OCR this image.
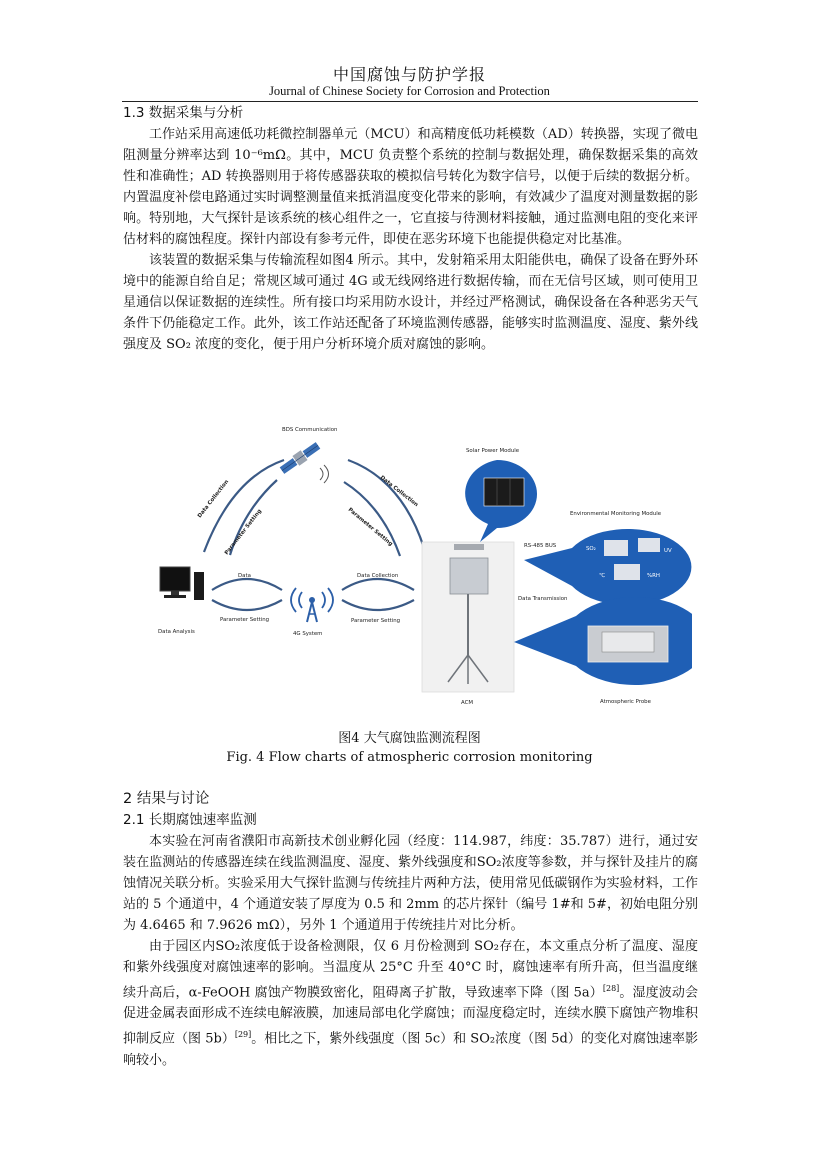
中国腐蚀与防护学报
Journal of Chinese Society for Corrosion and Protection

1.3 数据采集与分析

工作站采用高速低功耗微控制器单元（MCU）和高精度低功耗模数（AD）转换器，实现了微电阻测量分辨率达到 10⁻⁶mΩ。其中，MCU 负责整个系统的控制与数据处理，确保数据采集的高效性和准确性；AD 转换器则用于将传感器获取的模拟信号转化为数字信号，以便于后续的数据分析。内置温度补偿电路通过实时调整测量值来抵消温度变化带来的影响，有效减少了温度对测量数据的影响。特别地，大气探针是该系统的核心组件之一，它直接与待测材料接触，通过监测电阻的变化来评估材料的腐蚀程度。探针内部设有参考元件，即使在恶劣环境下也能提供稳定对比基准。

该装置的数据采集与传输流程如图4 所示。其中，发射箱采用太阳能供电，确保了设备在野外环境中的能源自给自足；常规区域可通过 4G 或无线网络进行数据传输，而在无信号区域，则可使用卫星通信以保证数据的连续性。所有接口均采用防水设计，并经过严格测试，确保设备在各种恶劣天气条件下仍能稳定工作。此外，该工作站还配备了环境监测传感器，能够实时监测温度、湿度、紫外线强度及 SO₂ 浓度的变化，便于用户分析环境介质对腐蚀的影响。

BDS Communication
Data Collection
Parameter Setting
Data Collection
Parameter Setting
Data Analysis
Data
Parameter Setting
4G System
Data Collection
Parameter Setting
ACM
Solar Power Module
Environmental Monitoring Module
RS-485 BUS	SO₂	UV
℃	%RH
Data Transmission
Atmospheric Probe
图4 大气腐蚀监测流程图
Fig. 4 Flow charts of atmospheric corrosion monitoring

2 结果与讨论

2.1 长期腐蚀速率监测

本实验在河南省濮阳市高新技术创业孵化园（经度：114.987，纬度：35.787）进行，通过安装在监测站的传感器连续在线监测温度、湿度、紫外线强度和SO₂浓度等参数，并与探针及挂片的腐蚀情况关联分析。实验采用大气探针监测与传统挂片两种方法，使用常见低碳钢作为实验材料，工作站的 5 个通道中，4 个通道安装了厚度为 0.5 和 2mm 的芯片探针（编号 1#和 5#，初始电阻分别为 4.6465 和 7.9626 mΩ），另外 1 个通道用于传统挂片对比分析。

由于园区内SO₂浓度低于设备检测限，仅 6 月份检测到 SO₂存在，本文重点分析了温度、湿度和紫外线强度对腐蚀速率的影响。当温度从 25°C 升至 40°C 时，腐蚀速率有所升高，但当温度继续升高后，α-FeOOH 腐蚀产物膜致密化，阻碍离子扩散，导致速率下降（图 5a）[28]。湿度波动会促进金属表面形成不连续电解液膜，加速局部电化学腐蚀；而湿度稳定时，连续水膜下腐蚀产物堆积抑制反应（图 5b）[29]。相比之下，紫外线强度（图 5c）和 SO₂浓度（图 5d）的变化对腐蚀速率影响较小。
